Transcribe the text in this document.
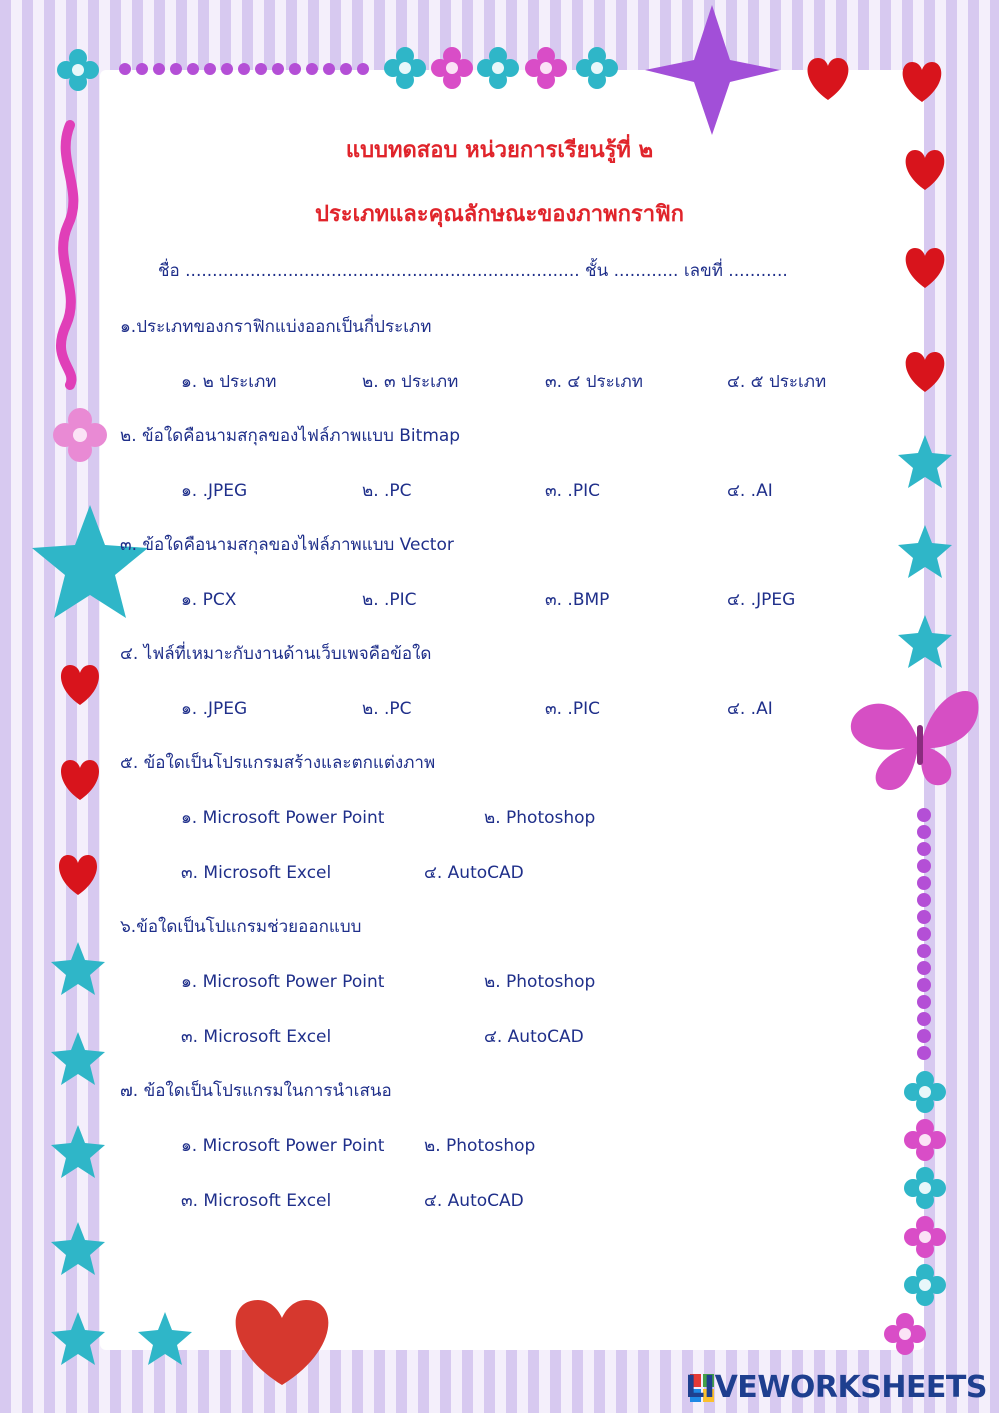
แบบทดสอบ หน่วยการเรียนรู้ที่ ๒
ประเภทและคุณลักษณะของภาพกราฟิก
ชื่อ ......................................................................... ชั้น ............ เลขที่ ...........
๑.ประเภทของกราฟิกแบ่งออกเป็นกี่ประเภท
๑. ๒ ประเภท	๒. ๓ ประเภท	๓. ๔ ประเภท	๔. ๕ ประเภท
๒. ข้อใดคือนามสกุลของไฟล์ภาพแบบ Bitmap
๑. .JPEG	๒. .PC	๓. .PIC	๔. .AI
๓. ข้อใดคือนามสกุลของไฟล์ภาพแบบ Vector
๑. PCX	๒. .PIC	๓. .BMP	๔. .JPEG
๔. ไฟล์ที่เหมาะกับงานด้านเว็บเพจคือข้อใด
๑. .JPEG	๒. .PC	๓. .PIC	๔. .AI
๕. ข้อใดเป็นโปรแกรมสร้างและตกแต่งภาพ
๑. Microsoft Power Point	๒. Photoshop
๓. Microsoft Excel	๔. AutoCAD
๖.ข้อใดเป็นโปแกรมช่วยออกแบบ
๑. Microsoft Power Point	๒. Photoshop
๓. Microsoft Excel	๔. AutoCAD
๗. ข้อใดเป็นโปรแกรมในการนำเสนอ
๑. Microsoft Power Point ๒. Photoshop
๓. Microsoft Excel	๔. AutoCAD
LIVEWORKSHEETS
